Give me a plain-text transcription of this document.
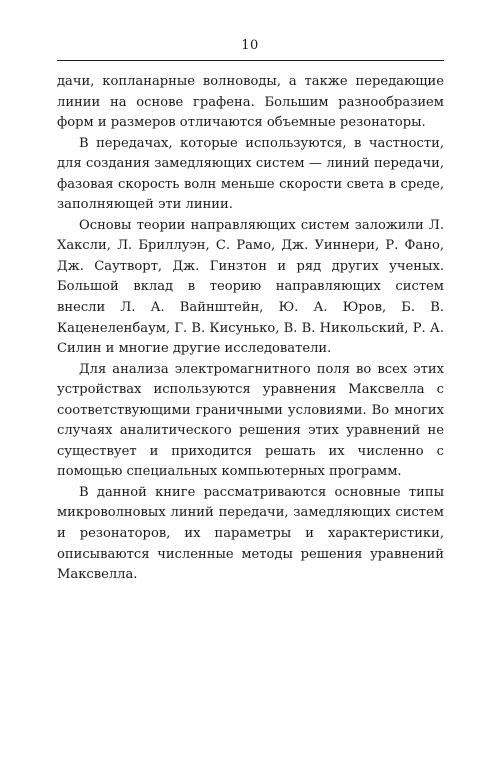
10

дачи, копланарные волноводы, а также передающие линии на основе графена. Большим разнообразием форм и размеров отличаются объемные резонаторы.

В передачах, которые используются, в частности, для создания замедляющих систем — линий передачи, фазовая скорость волн меньше скорости света в среде, заполняющей эти линии.

Основы теории направляющих систем заложили Л. Хаксли, Л. Бриллуэн, С. Рамо, Дж. Уиннери, Р. Фано, Дж. Саутворт, Дж. Гинзтон и ряд других ученых. Большой вклад в теорию направляющих систем внесли Л. А. Вайнштейн, Ю. А. Юров, Б. В. Каценеленбаум, Г. В. Кисунько, В. В. Никольский, Р. А. Силин и многие другие исследователи.

Для анализа электромагнитного поля во всех этих устройствах используются уравнения Максвелла с соответствующими граничными условиями. Во многих случаях аналитического решения этих уравнений не существует и приходится решать их численно с помощью специальных компьютерных программ.

В данной книге рассматриваются основные типы микроволновых линий передачи, замедляющих систем и резонаторов, их параметры и характеристики, описываются численные методы решения уравнений Максвелла.
